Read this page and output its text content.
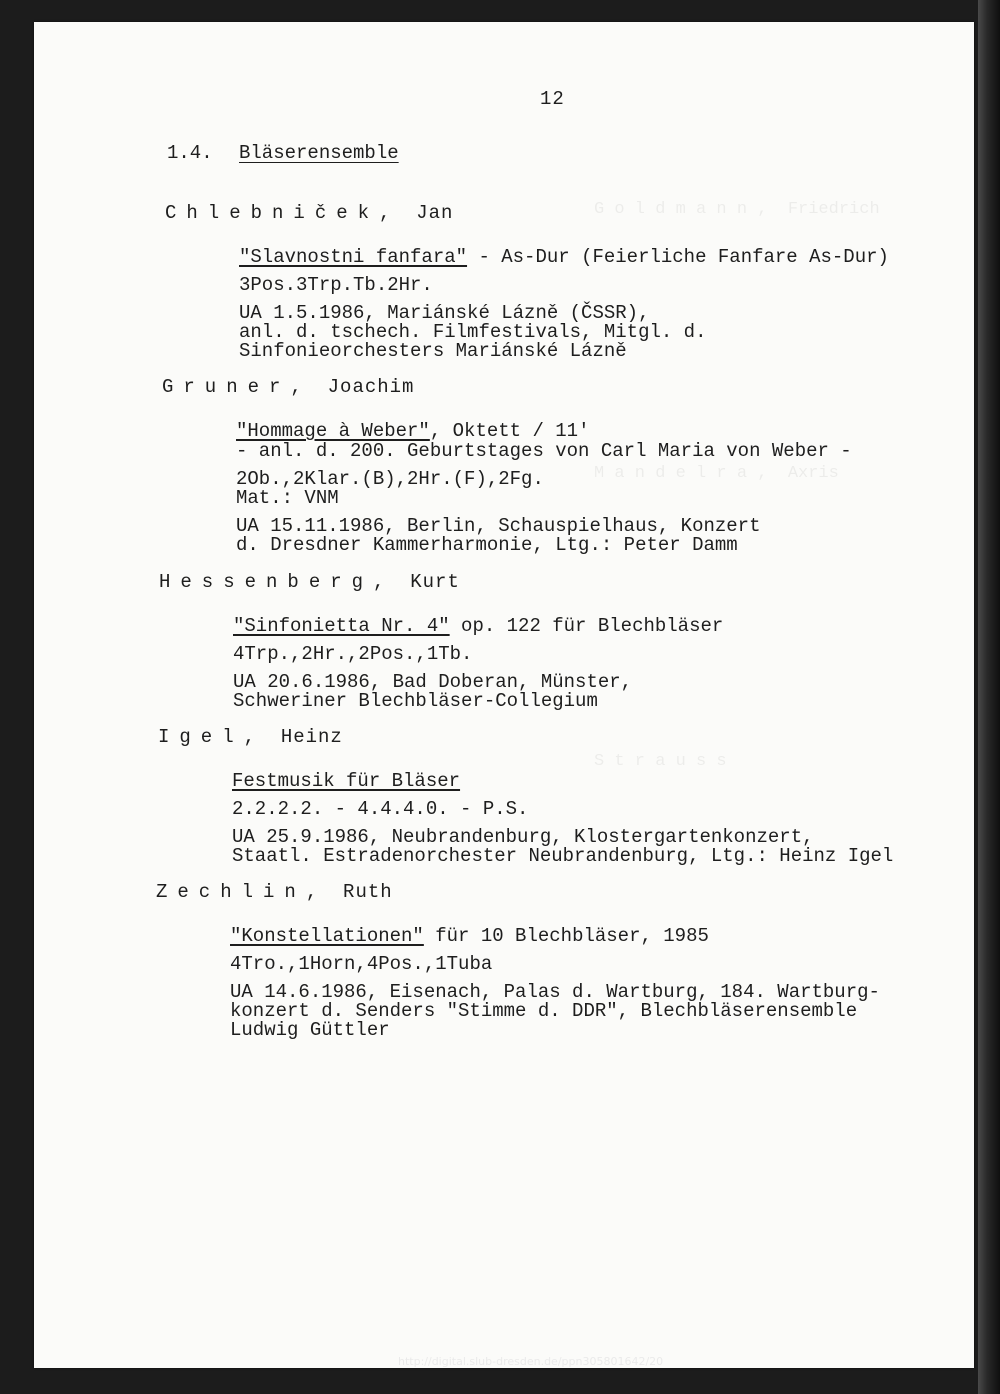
G o l d m a n n ,  Friedrich

M a n d e l r a ,  Axris

S t r a u s s

12
1.4. Bläserensemble
Chlebniček,  Jan
"Slavnostni fanfara" - As-Dur (Feierliche Fanfare As-Dur)
3Pos.3Trp.Tb.2Hr.
UA 1.5.1986, Mariánské Lázně (ČSSR),
anl. d. tschech. Filmfestivals, Mitgl. d.
Sinfonieorchesters Mariánské Lázně
Gruner,  Joachim
"Hommage à Weber", Oktett / 11'
- anl. d. 200. Geburtstages von Carl Maria von Weber -
2Ob.,2Klar.(B),2Hr.(F),2Fg.
Mat.: VNM
UA 15.11.1986, Berlin, Schauspielhaus, Konzert
d. Dresdner Kammerharmonie, Ltg.: Peter Damm
Hessenberg,  Kurt
"Sinfonietta Nr. 4" op. 122 für Blechbläser
4Trp.,2Hr.,2Pos.,1Tb.
UA 20.6.1986, Bad Doberan, Münster,
Schweriner Blechbläser-Collegium
Igel,  Heinz
Festmusik für Bläser
2.2.2.2. - 4.4.4.0. - P.S.
UA 25.9.1986, Neubrandenburg, Klostergartenkonzert,
Staatl. Estradenorchester Neubrandenburg, Ltg.: Heinz Igel
Zechlin,  Ruth
"Konstellationen" für 10 Blechbläser, 1985
4Tro.,1Horn,4Pos.,1Tuba
UA 14.6.1986, Eisenach, Palas d. Wartburg, 184. Wartburg-
konzert d. Senders "Stimme d. DDR", Blechbläserensemble
Ludwig Güttler
http://digital.slub-dresden.de/ppn305801642/20
